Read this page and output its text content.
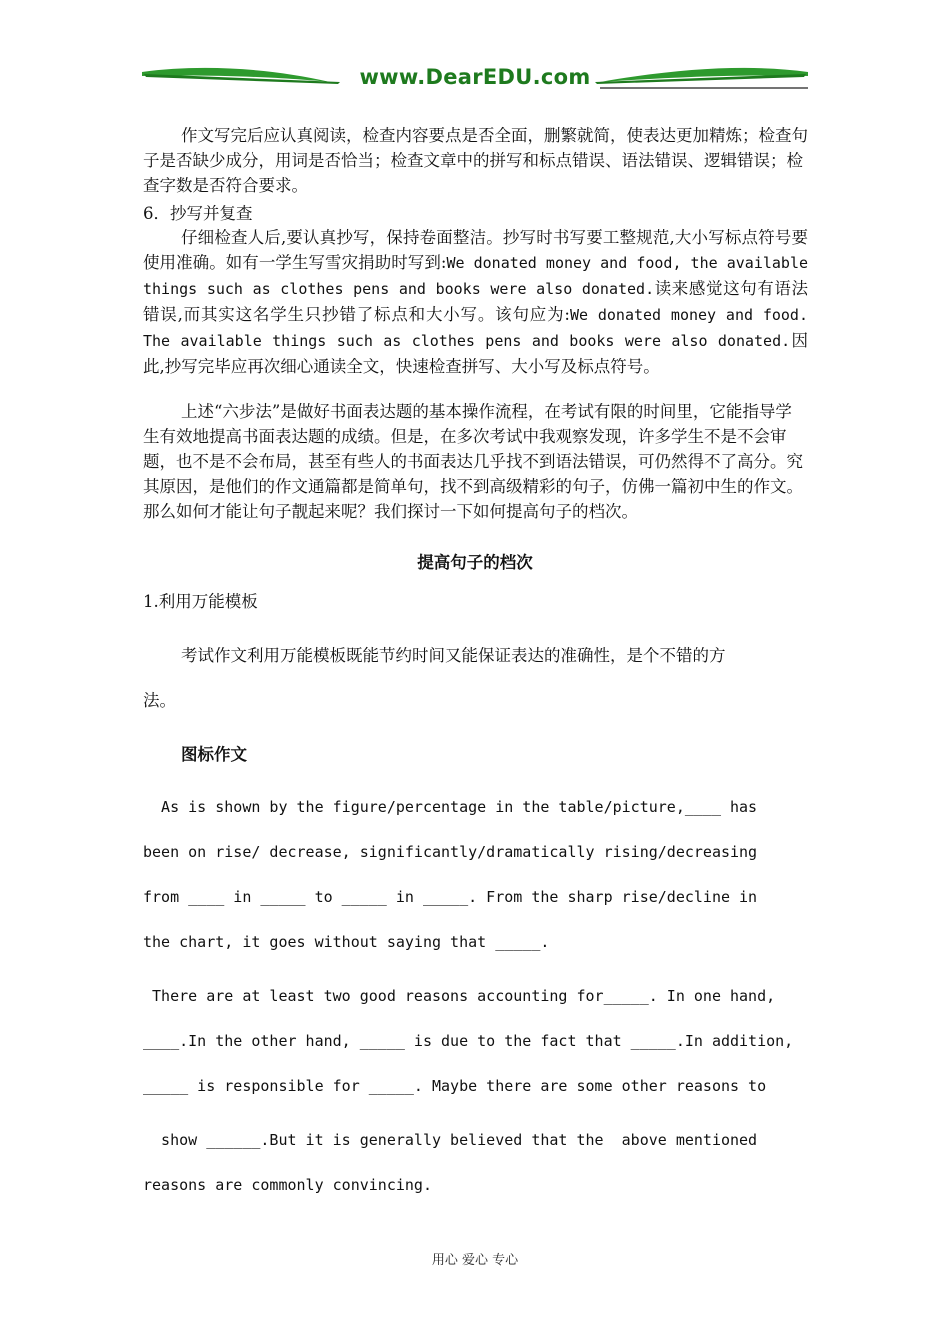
www.DearEDU.com

作文写完后应认真阅读，检查内容要点是否全面，删繁就简，使表达更加精炼；检查句子是否缺少成分，用词是否恰当；检查文章中的拼写和标点错误、语法错误、逻辑错误；检查字数是否符合要求。

6．抄写并复查

仔细检查人后,要认真抄写，保持卷面整洁。抄写时书写要工整规范,大小写标点符号要使用准确。如有一学生写雪灾捐助时写到:We donated money and food, the available things such as clothes pens and books were also donated.读来感觉这句有语法错误,而其实这名学生只抄错了标点和大小写。该句应为:We donated money and food. The available things such as clothes pens and books were also donated.因此,抄写完毕应再次细心通读全文，快速检查拼写、大小写及标点符号。

上述“六步法”是做好书面表达题的基本操作流程，在考试有限的时间里，它能指导学生有效地提高书面表达题的成绩。但是，在多次考试中我观察发现，许多学生不是不会审题，也不是不会布局，甚至有些人的书面表达几乎找不到语法错误，可仍然得不了高分。究其原因，是他们的作文通篇都是简单句，找不到高级精彩的句子，仿佛一篇初中生的作文。那么如何才能让句子靓起来呢？我们探讨一下如何提高句子的档次。

提高句子的档次

1.利用万能模板

考试作文利用万能模板既能节约时间又能保证表达的准确性，是个不错的方

法。

图标作文

As is shown by the figure/percentage in the table/picture,____ has
been on rise/ decrease, significantly/dramatically rising/decreasing
from ____ in _____ to _____ in _____. From the sharp rise/decline in
the chart, it goes without saying that _____.
There are at least two good reasons accounting for_____. In one hand,
____.In the other hand, _____ is due to the fact that _____.In addition,
_____ is responsible for _____. Maybe there are some other reasons to
show ______.But it is generally believed that the  above mentioned
reasons are commonly convincing.
用心 爱心 专心
